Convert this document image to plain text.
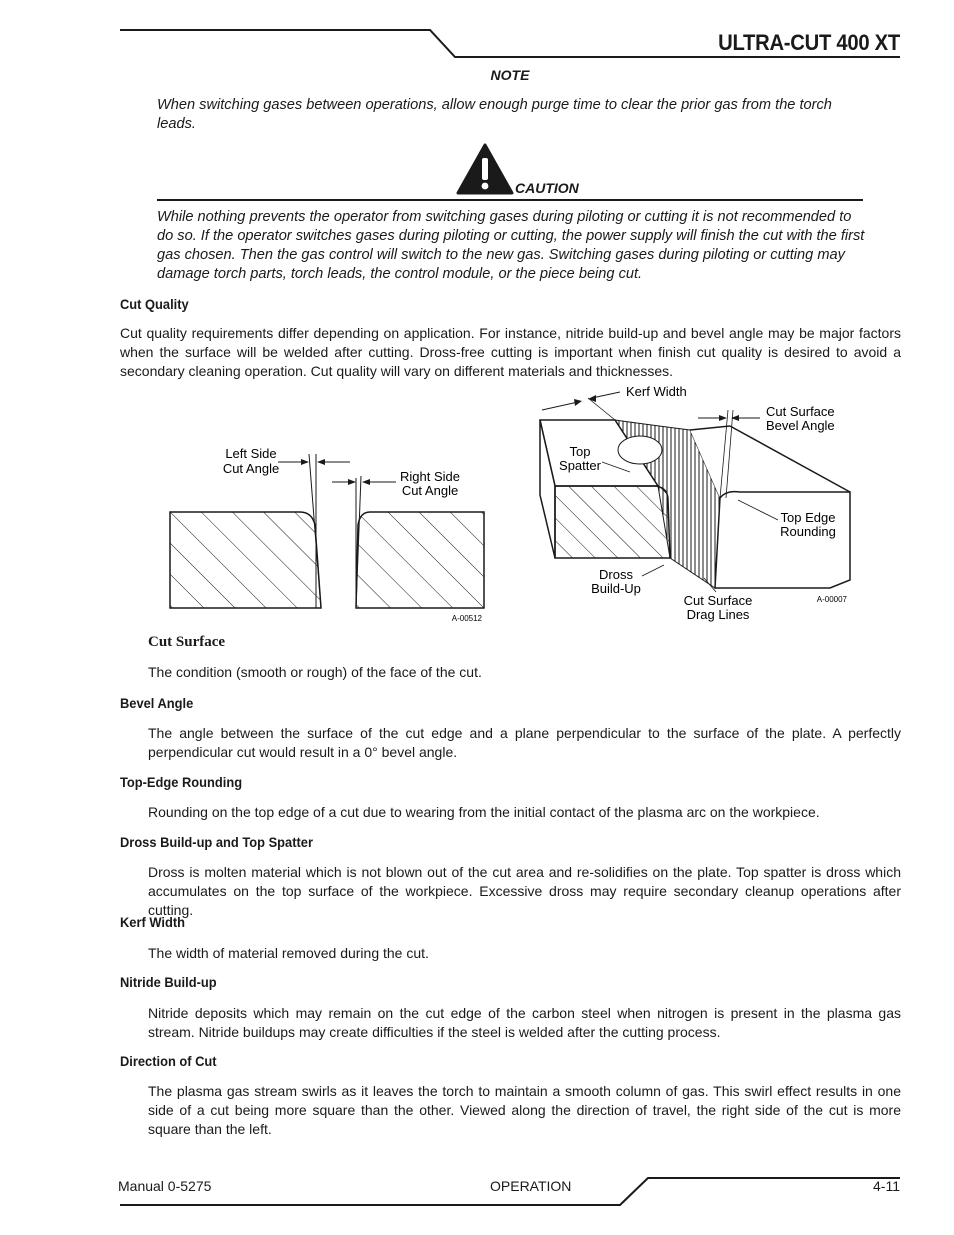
ULTRA-CUT 400 XT
NOTE
When switching gases between operations, allow enough purge time to clear the prior gas from the torch leads.
CAUTION
While nothing prevents the operator from switching gases during piloting or cutting it is not recommended to do so. If the operator switches gases during piloting or cutting, the power supply will finish the cut with the first gas chosen. Then the gas control will switch to the new gas. Switching gases during piloting or cutting may damage torch parts, torch leads, the control module, or the piece being cut.
Cut Quality
Cut quality requirements differ depending on application. For instance, nitride build-up and bevel angle may be major factors when the surface will be welded after cutting. Dross-free cutting is important when finish cut quality is desired to avoid a secondary cleaning operation. Cut quality will vary on different materials and thicknesses.
Left Side
Cut Angle
Right Side
Cut Angle
A-00512
Kerf Width
Cut Surface
Bevel Angle
Top
Spatter
Top Edge
Rounding
Dross
Build-Up
Cut Surface
Drag Lines
A-00007
Cut Surface
The condition (smooth or rough) of the face of the cut.
Bevel Angle
The angle between the surface of the cut edge and a plane perpendicular to the surface of the plate. A perfectly perpendicular cut would result in a 0° bevel angle.
Top-Edge Rounding
Rounding on the top edge of a cut due to wearing from the initial contact of the plasma arc on the workpiece.
Dross Build-up and Top Spatter
Dross is molten material which is not blown out of the cut area and re-solidifies on the plate. Top spatter is dross which accumulates on the top surface of the workpiece. Excessive dross may require secondary cleanup operations after cutting.
Kerf Width
The width of material removed during the cut.
Nitride Build-up
Nitride deposits which may remain on the cut edge of the carbon steel when nitrogen is present in the plasma gas stream. Nitride buildups may create difficulties if the steel is welded after the cutting process.
Direction of Cut
The plasma gas stream swirls as it leaves the torch to maintain a smooth column of gas. This swirl effect results in one side of a cut being more square than the other. Viewed along the direction of travel, the right side of the cut is more square than the left.
Manual 0-5275	OPERATION	4-11
